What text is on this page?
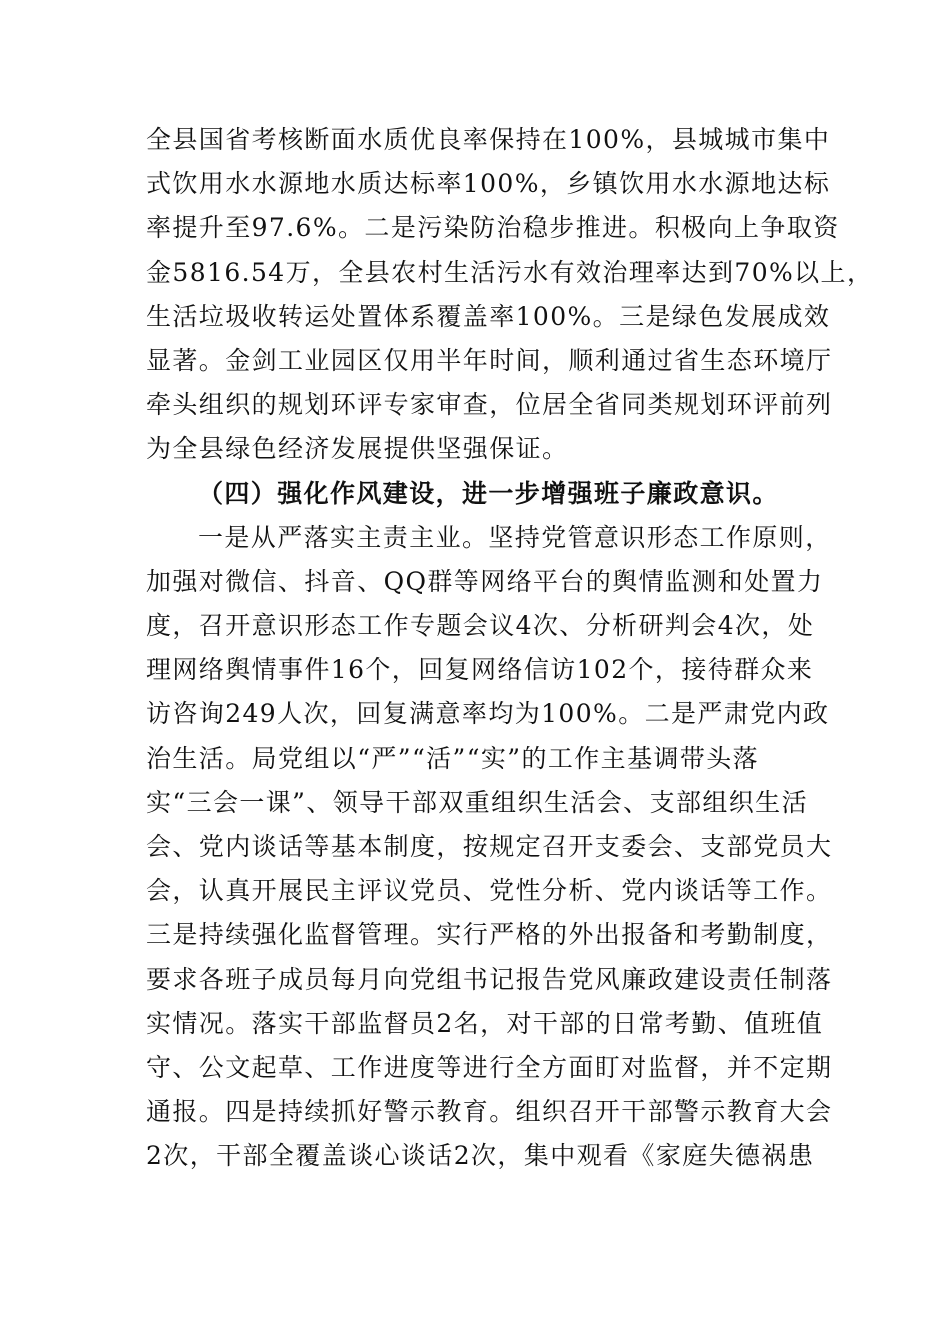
全县国省考核断面水质优良率保持在100%，县城城市集中
式饮用水水源地水质达标率100%，乡镇饮用水水源地达标
率提升至97.6%。二是污染防治稳步推进。积极向上争取资
金5816.54万，全县农村生活污水有效治理率达到70%以上，
生活垃圾收转运处置体系覆盖率100%。三是绿色发展成效
显著。金剑工业园区仅用半年时间，顺利通过省生态环境厅
牵头组织的规划环评专家审查，位居全省同类规划环评前列
为全县绿色经济发展提供坚强保证。
（四）强化作风建设，进一步增强班子廉政意识。
一是从严落实主责主业。坚持党管意识形态工作原则，
加强对微信、抖音、QQ群等网络平台的舆情监测和处置力
度，召开意识形态工作专题会议4次、分析研判会4次，处
理网络舆情事件16个，回复网络信访102个，接待群众来
访咨询249人次，回复满意率均为100%。二是严肃党内政
治生活。局党组以“严”“活”“实”的工作主基调带头落
实“三会一课”、领导干部双重组织生活会、支部组织生活
会、党内谈话等基本制度，按规定召开支委会、支部党员大
会，认真开展民主评议党员、党性分析、党内谈话等工作。
三是持续强化监督管理。实行严格的外出报备和考勤制度，
要求各班子成员每月向党组书记报告党风廉政建设责任制落
实情况。落实干部监督员2名，对干部的日常考勤、值班值
守、公文起草、工作进度等进行全方面盯对监督，并不定期
通报。四是持续抓好警示教育。组织召开干部警示教育大会
2次，干部全覆盖谈心谈话2次，集中观看《家庭失德祸患
